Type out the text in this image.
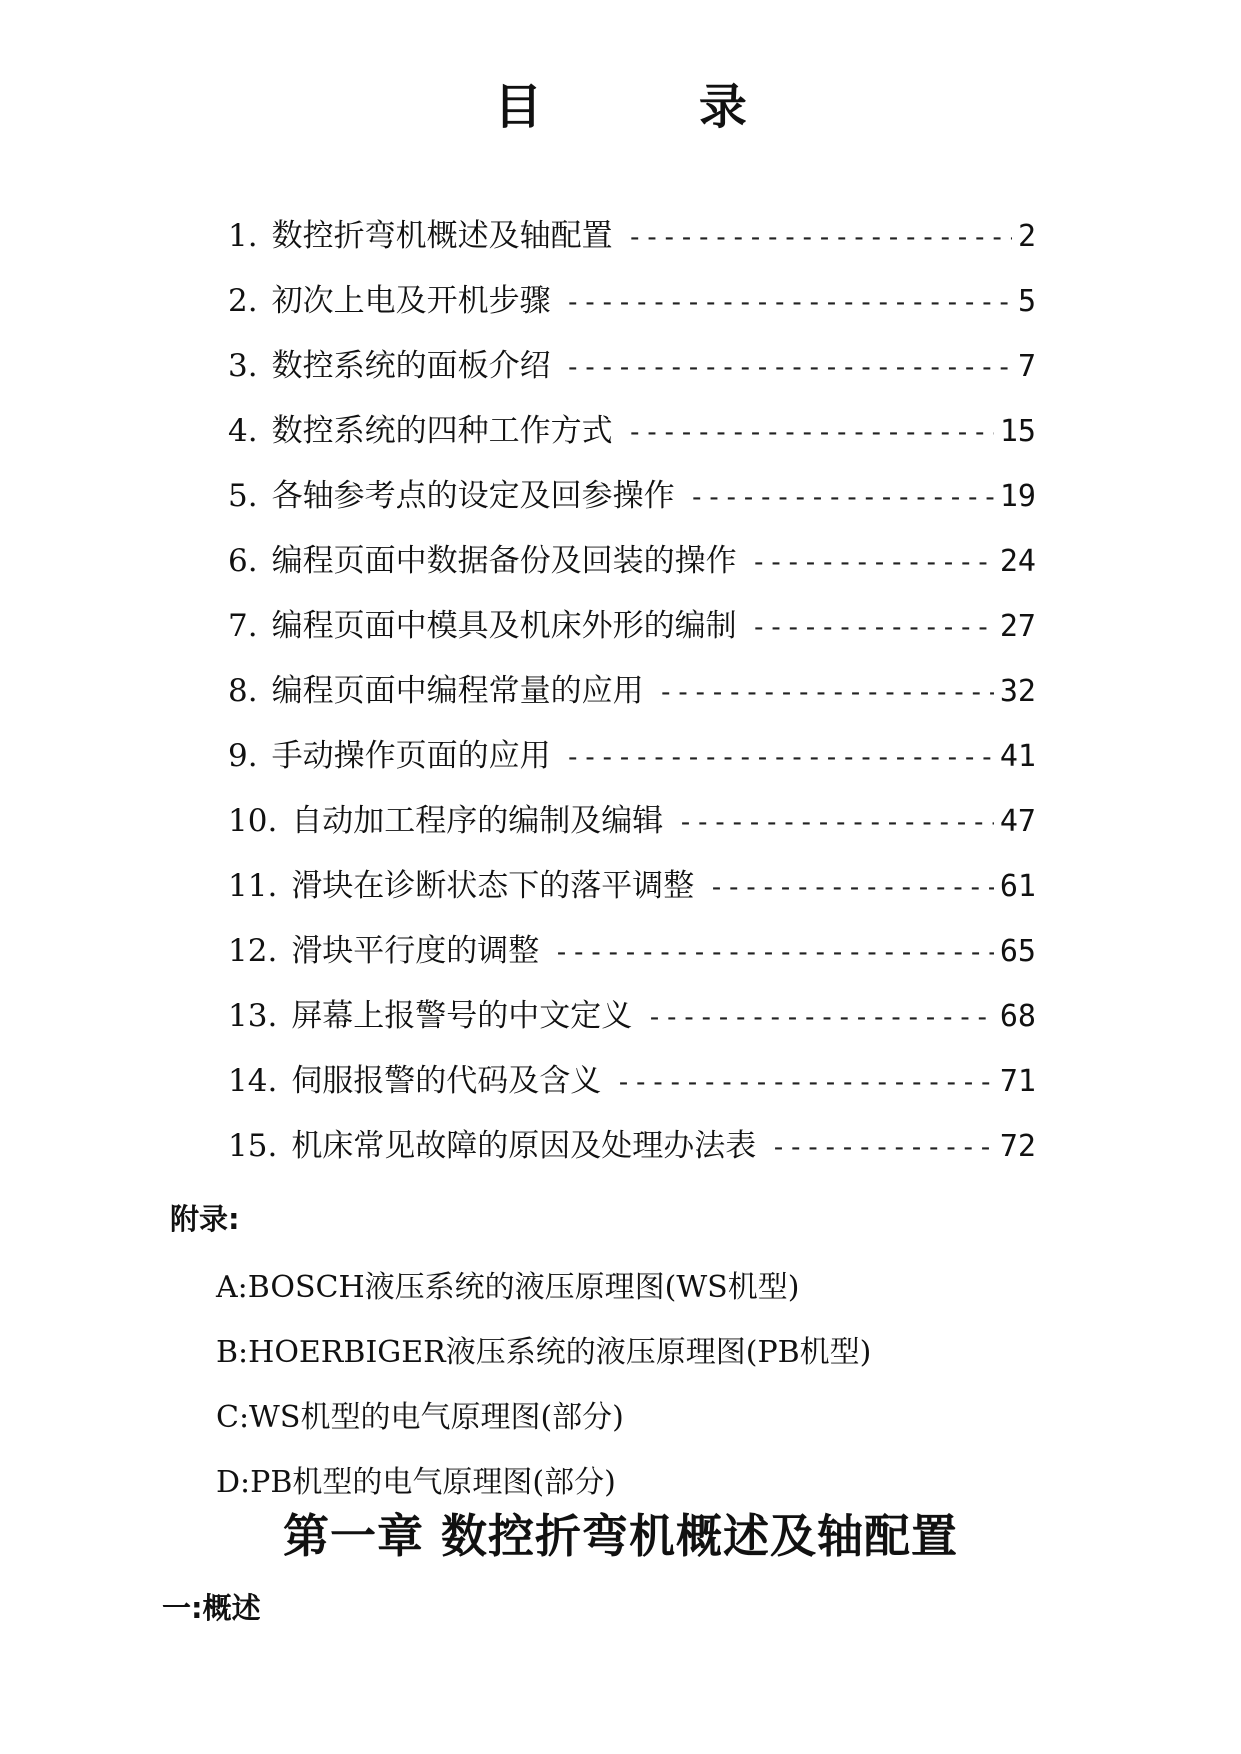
目 录
1. 数控折弯机概述及轴配置 -----	2
2. 初次上电及开机步骤 -----	5
3. 数控系统的面板介绍 -----	7
4. 数控系统的四种工作方式 -----	15
5. 各轴参考点的设定及回参操作 -----	19
6. 编程页面中数据备份及回装的操作 -----	24
7. 编程页面中模具及机床外形的编制 -----	27
8. 编程页面中编程常量的应用 -----	32
9. 手动操作页面的应用 -----	41
10. 自动加工程序的编制及编辑 -----	47
11. 滑块在诊断状态下的落平调整 -----	61
12. 滑块平行度的调整 -----	65
13. 屏幕上报警号的中文定义 -----	68
14. 伺服报警的代码及含义 -----	71
15. 机床常见故障的原因及处理办法表 -----	72
附录:
A:BOSCH液压系统的液压原理图(WS机型)
B:HOERBIGER液压系统的液压原理图(PB机型)
C:WS机型的电气原理图(部分)
D:PB机型的电气原理图(部分)
第一章 数控折弯机概述及轴配置
一:概述
